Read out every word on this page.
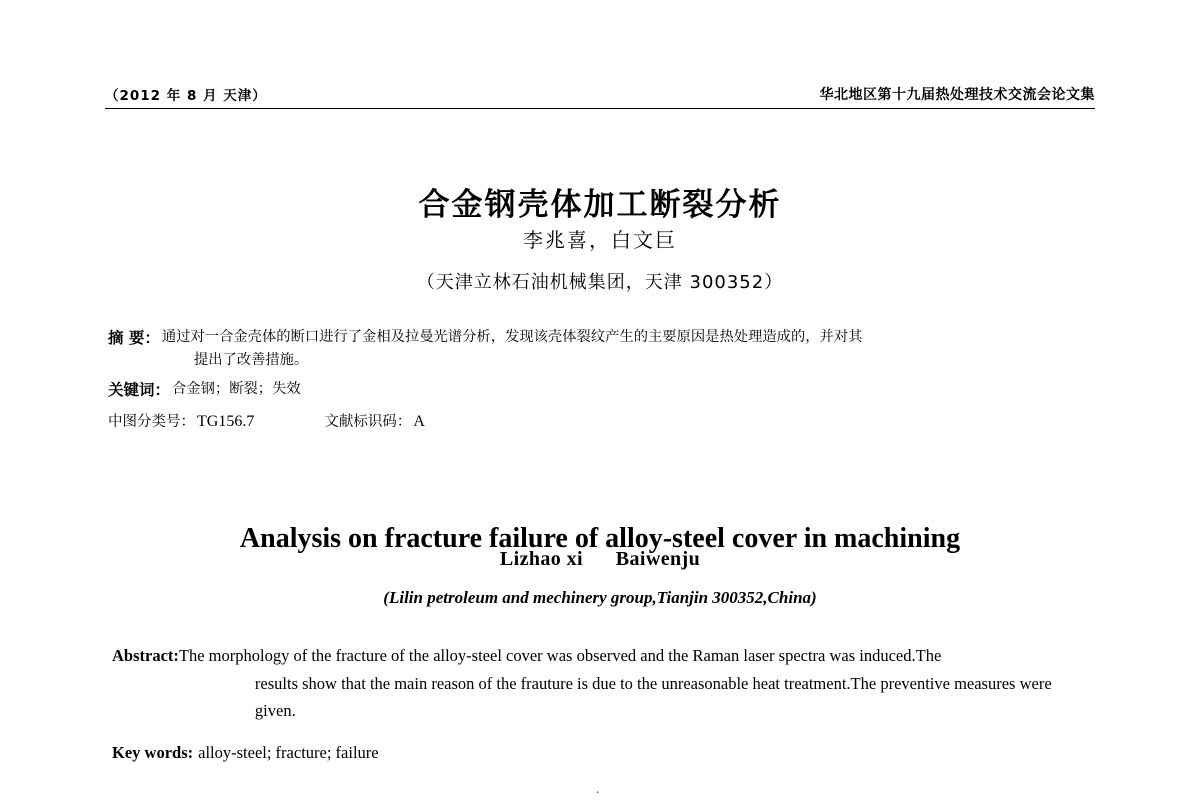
（2012 年 8 月 天津）	华北地区第十九届热处理技术交流会论文集
合金钢壳体加工断裂分析
李兆喜，白文巨
（天津立林石油机械集团，天津 300352）
摘 要： 通过对一合金壳体的断口进行了金相及拉曼光谱分析，发现该壳体裂纹产生的主要原因是热处理造成的，并对其
提出了改善措施。
关键词： 合金钢；断裂；失效
中图分类号： TG156.7	文献标识码： A
Analysis on fracture failure of alloy-steel cover in machining
Lizhao xi Baiwenju
(Lilin petroleum and mechinery group,Tianjin 300352,China)
Abstract: The morphology of the fracture of the alloy-steel cover was observed and the Raman laser spectra was induced.The
results show that the main reason of the frauture is due to the unreasonable heat treatment.The preventive measures were
given.
Key words: alloy-steel; fracture; failure
.
